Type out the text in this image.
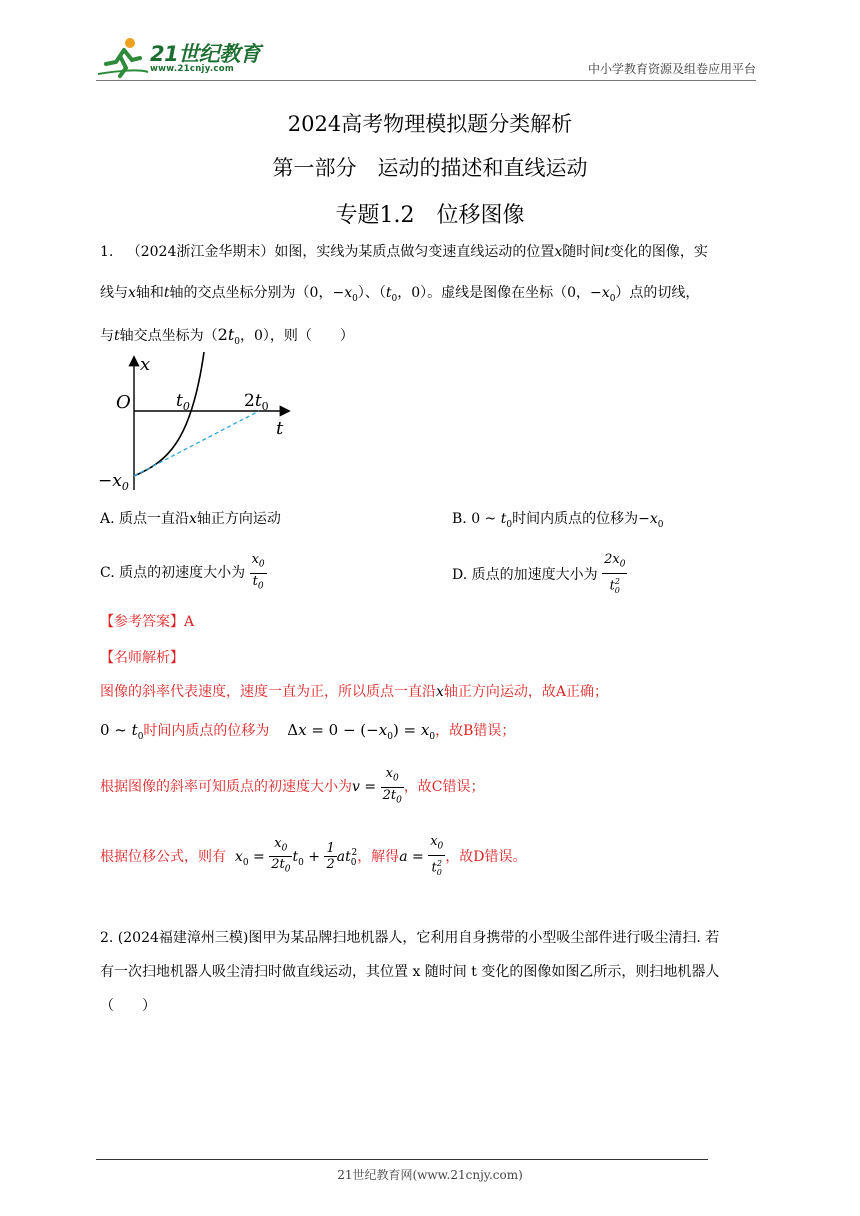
21世纪教育
www.21cnjy.com	中小学教育资源及组卷应用平台
2024高考物理模拟题分类解析
第一部分　运动的描述和直线运动
专题1.2　位移图像
1. （2024浙江金华期末）如图，实线为某质点做匀变速直线运动的位置x随时间t变化的图像，实
线与x轴和t轴的交点坐标分别为（0，$-x_0$）、（$t_0$，0）。虚线是图像在坐标（0，$-x_0$）点的切线，
与t轴交点坐标为（$2t_0$，0），则（　　）
x
O	$t_0$	$2t_0$
t
$-x_0$
A. 质点一直沿x轴正方向运动	B. 0 ~ $t_0$时间内质点的位移为$-x_0$
C. 质点的初速度大小为 $\frac{x_0}{t_0}$	D. 质点的加速度大小为 $\frac{2x_0}{t_0^2}$
【参考答案】A
【名师解析】
图像的斜率代表速度，速度一直为正，所以质点一直沿x轴正方向运动，故A正确；
0 ~ $t_0$时间内质点的位移为 $\Delta x = 0 - (-x_0) = x_0$，故B错误；
根据图像的斜率可知质点的初速度大小为$v = \frac{x_0}{2t_0}$ ，故C错误；
根据位移公式，则有 $x_0 = \frac{x_0}{2t_0} t_0 + \frac{1}{2} at_0^2$，解得$a = \frac{x_0}{t_0^2}$ ，故D错误。
2. (2024福建漳州三模)图甲为某品牌扫地机器人，它利用自身携带的小型吸尘部件进行吸尘清扫. 若
有一次扫地机器人吸尘清扫时做直线运动，其位置 x 随时间 t 变化的图像如图乙所示，则扫地机器人
（　　）
21世纪教育网(www.21cnjy.com)
